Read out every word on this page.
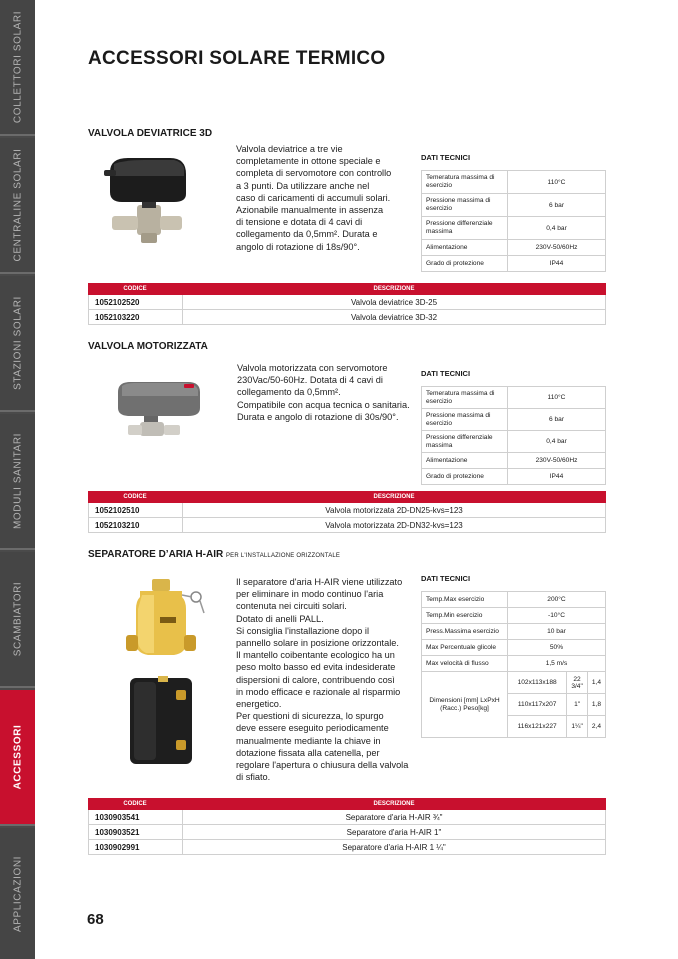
COLLETTORI SOLARI
CENTRALINE SOLARI
STAZIONI SOLARI
MODULI SANITARI
SCAMBIATORI
ACCESSORI
APPLICAZIONI
ACCESSORI SOLARE TERMICO
VALVOLA DEVIATRICE 3D
Valvola deviatrice a tre vie
completamente in ottone speciale e
completa di servomotore con controllo
a 3 punti. Da utilizzare anche nel
caso di caricamenti di accumuli solari.
Azionabile manualmente in assenza
di tensione e dotata di 4 cavi di
collegamento da 0,5mm². Durata e
angolo di rotazione di 18s/90°.
DATI TECNICI
Temeratura massima di esercizio	110°C
Pressione massima di esercizio	6 bar
Pressione differenziale massima	0,4 bar
Alimentazione	230V-50/60Hz
Grado di protezione	IP44
CODICE	DESCRIZIONE
1052102520	Valvola deviatrice 3D-25
1052103220	Valvola deviatrice 3D-32
VALVOLA MOTORIZZATA
Valvola motorizzata con servomotore
230Vac/50-60Hz. Dotata di 4 cavi di
collegamento da 0,5mm².
Compatibile con acqua tecnica o sanitaria.
Durata e angolo di rotazione di 30s/90°.
DATI TECNICI
Temeratura massima di esercizio	110°C
Pressione massima di esercizio	6 bar
Pressione differenziale massima	0,4 bar
Alimentazione	230V-50/60Hz
Grado di protezione	IP44
CODICE	DESCRIZIONE
1052102510	Valvola motorizzata 2D-DN25-kvs=123
1052103210	Valvola motorizzata 2D-DN32-kvs=123
SEPARATORE D’ARIA H-AIR PER L'INSTALLAZIONE ORIZZONTALE
Il separatore d'aria H-AIR viene utilizzato
per eliminare in modo continuo l'aria
contenuta nei circuiti solari.
Dotato di anelli PALL.
Si consiglia l'installazione dopo il
pannello solare in posizione orizzontale.
Il mantello coibentante ecologico ha un
peso molto basso ed evita indesiderate
dispersioni di calore, contribuendo così
in modo efficace e razionale al risparmio
energetico.
Per questioni di sicurezza, lo spurgo
deve essere eseguito periodicamente
manualmente mediante la chiave in
dotazione fissata alla catenella, per
regolare l'apertura o chiusura della valvola
di sfiato.
DATI TECNICI
Temp.Max esercizio	200°C		
Temp.Min esercizio	-10°C		
Press.Massima esercizio	10 bar		
Max Percentuale glicole	50%		
Max velocità di flusso	1,5 m/s		
Dimensioni [mm] LxPxH (Racc.) Peso[kg]	102x113x188	22 3/4"	1,4
	110x117x207	1"	1,8
	116x121x227	1¼"	2,4
CODICE	DESCRIZIONE
1030903541	Separatore d'aria H-AIR ¾"
1030903521	Separatore d'aria H-AIR 1"
1030902991	Separatore d'aria H-AIR 1 ¼"
68
